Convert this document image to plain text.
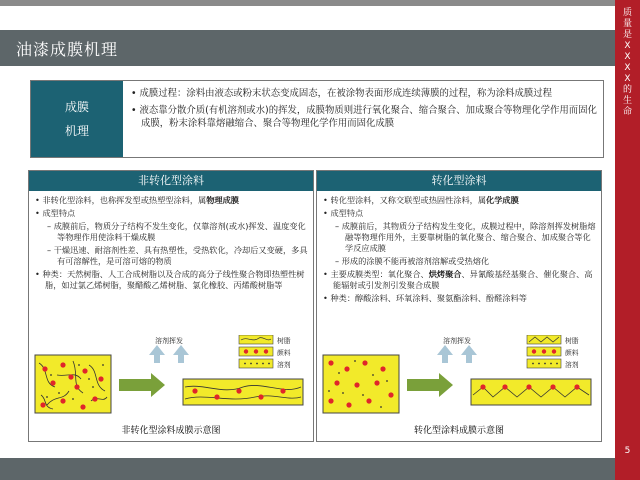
油漆成膜机理
质
量
是
X
X
X
X
的
生
命
5
成膜
机理

• 成膜过程：涂料由液态或粉末状态变成固态，在被涂物表面形成连续薄膜的过程，称为涂料成膜过程

• 液态靠分散介质(有机溶剂或水)的挥发，成膜物质则进行氧化聚合、缩合聚合、加成聚合等物理化学作用而固化成膜，粉末涂料靠熔融缩合、聚合等物理化学作用而固化成膜

非转化型涂料

• 非转化型涂料，也称挥发型或热塑型涂料，属物理成膜

• 成型特点

– 成膜前后，物质分子结构不发生变化，仅靠溶剂(或水)挥发、温度变化等物理作用使涂料干燥成膜

– 干燥迅速、耐溶剂性差、具有热塑性，受热软化，冷却后又变硬，多具有可溶解性，是可溶可熔的物质

• 种类：天然树脂、人工合成树脂以及合成的高分子线性聚合物即热塑性树脂，如过氯乙烯树脂，聚醋酸乙烯树脂、氯化橡胶、丙烯酸树脂等

溶剂挥发	树脂
颜料
溶剂
非转化型涂料成膜示意图
转化型涂料

• 转化型涂料，又称交联型或热固性涂料，属化学成膜

• 成型特点

– 成膜前后，其物质分子结构发生变化，成膜过程中，除溶剂挥发树脂熔融等物理作用外，主要靠树脂的氧化聚合、缩合聚合、加成聚合等化学反应成膜

– 形成的涂膜不能再被溶剂溶解或受热熔化

• 主要成膜类型：氧化聚合、烘烤聚合、异氰酸基经基聚合、催化聚合、高能辐射或引发剂引发聚合成膜

• 种类：醇酸涂料、环氧涂料、聚氨酯涂料、酚醛涂料等

溶剂挥发	树脂
颜料
溶剂
转化型涂料成膜示意图
